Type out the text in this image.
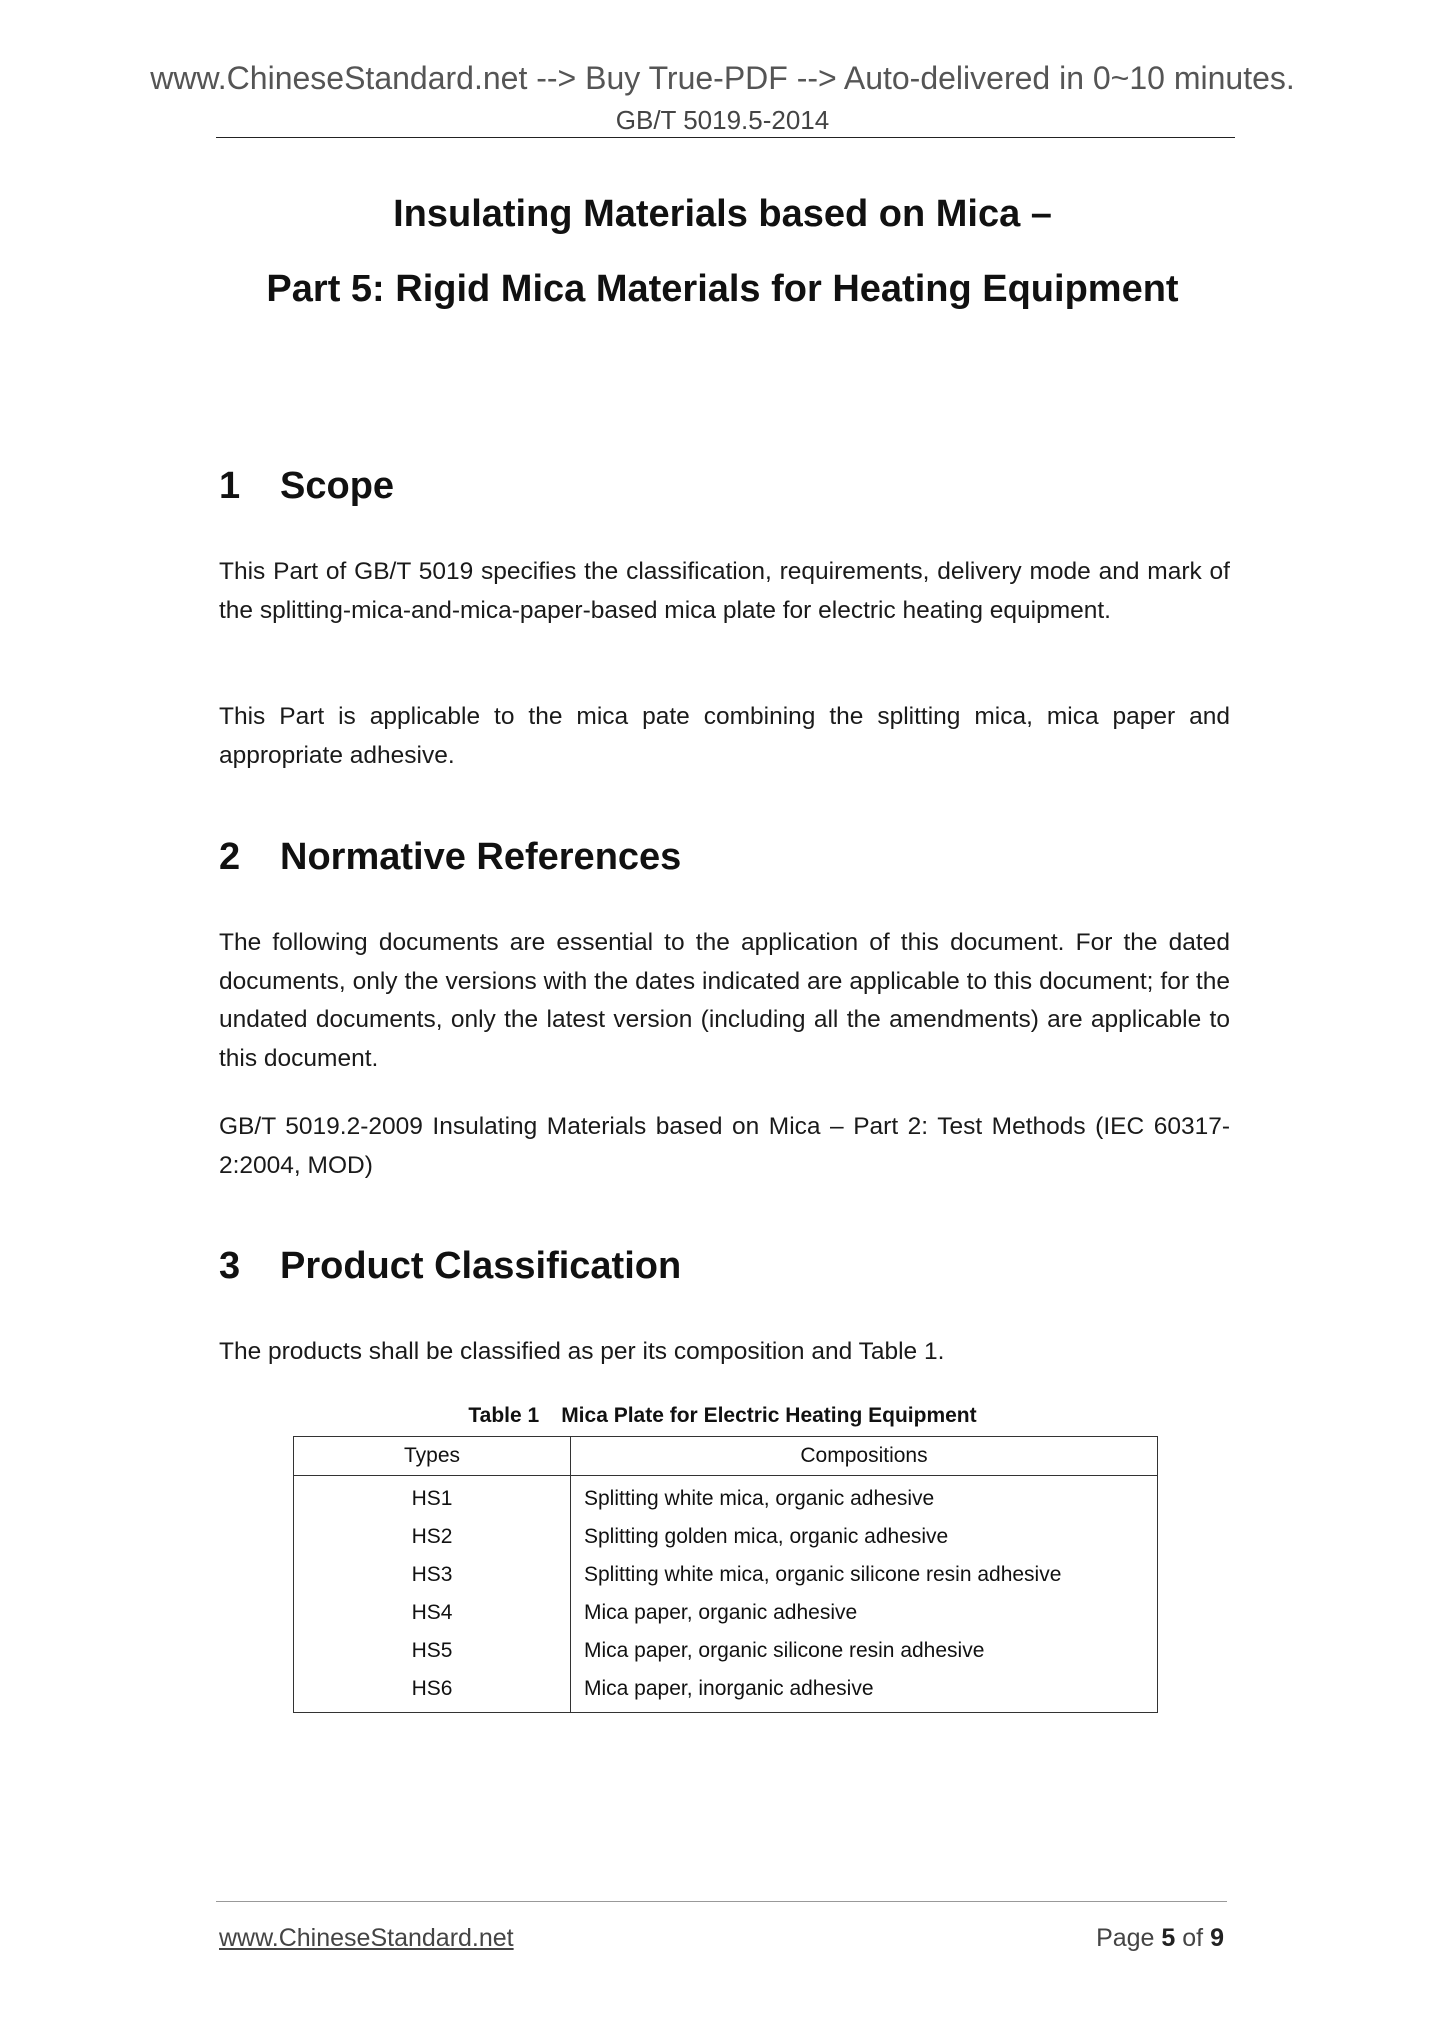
www.ChineseStandard.net --> Buy True-PDF --> Auto-delivered in 0~10 minutes.
GB/T 5019.5-2014
Insulating Materials based on Mica –
Part 5: Rigid Mica Materials for Heating Equipment
1 Scope
This Part of GB/T 5019 specifies the classification, requirements, delivery mode and mark of the splitting-mica-and-mica-paper-based mica plate for electric heating equipment.
This Part is applicable to the mica pate combining the splitting mica, mica paper and appropriate adhesive.
2 Normative References
The following documents are essential to the application of this document. For the dated documents, only the versions with the dates indicated are applicable to this document; for the undated documents, only the latest version (including all the amendments) are applicable to this document.
GB/T 5019.2-2009 Insulating Materials based on Mica – Part 2: Test Methods (IEC 60317-2:2004, MOD)
3 Product Classification
The products shall be classified as per its composition and Table 1.
Table 1 Mica Plate for Electric Heating Equipment
Types	Compositions
HS1	Splitting white mica, organic adhesive
HS2	Splitting golden mica, organic adhesive
HS3	Splitting white mica, organic silicone resin adhesive
HS4	Mica paper, organic adhesive
HS5	Mica paper, organic silicone resin adhesive
HS6	Mica paper, inorganic adhesive
www.ChineseStandard.net	Page 5 of 9
